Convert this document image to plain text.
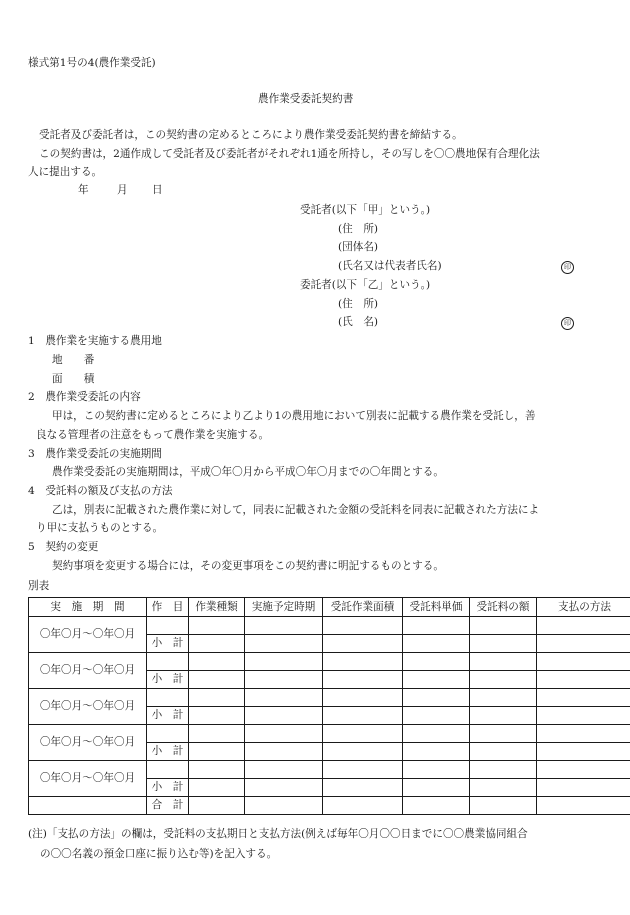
様式第1号の4(農作業受託)
農作業受委託契約書
受託者及び委託者は，この契約書の定めるところにより農作業受委託契約書を締結する。
この契約書は，2通作成して受託者及び委託者がそれぞれ1通を所持し，その写しを〇〇農地保有合理化法
人に提出する。
年	月 日
受託者(以下「甲」という。)
(住　所)
(団体名)
(氏名又は代表者氏名)	印
委託者(以下「乙」という。)
(住　所)
(氏　名)	印
1　農作業を実施する農用地
地　　番
面　　積
2　農作業受委託の内容
甲は，この契約書に定めるところにより乙より1の農用地において別表に記載する農作業を受託し，善
良なる管理者の注意をもって農作業を実施する。
3　農作業受委託の実施期間
農作業受委託の実施期間は，平成〇年〇月から平成〇年〇月までの〇年間とする。
4　受託料の額及び支払の方法
乙は，別表に記載された農作業に対して，同表に記載された金額の受託料を同表に記載された方法によ
り甲に支払うものとする。
5　契約の変更
契約事項を変更する場合には，その変更事項をこの契約書に明記するものとする。
別表
実　施　期　間	作　目	作業種類	実施予定時期	受託作業面積	受託料単価	受託料の額	支払の方法
〇年〇月～〇年〇月							
	小　計						
〇年〇月～〇年〇月							
	小　計						
〇年〇月～〇年〇月							
	小　計						
〇年〇月～〇年〇月							
	小　計						
〇年〇月～〇年〇月							
	小　計						
	合　計						
(注)「支払の方法」の欄は，受託料の支払期日と支払方法(例えば毎年〇月〇〇日までに〇〇農業協同組合
の〇〇名義の預金口座に振り込む等)を記入する。
